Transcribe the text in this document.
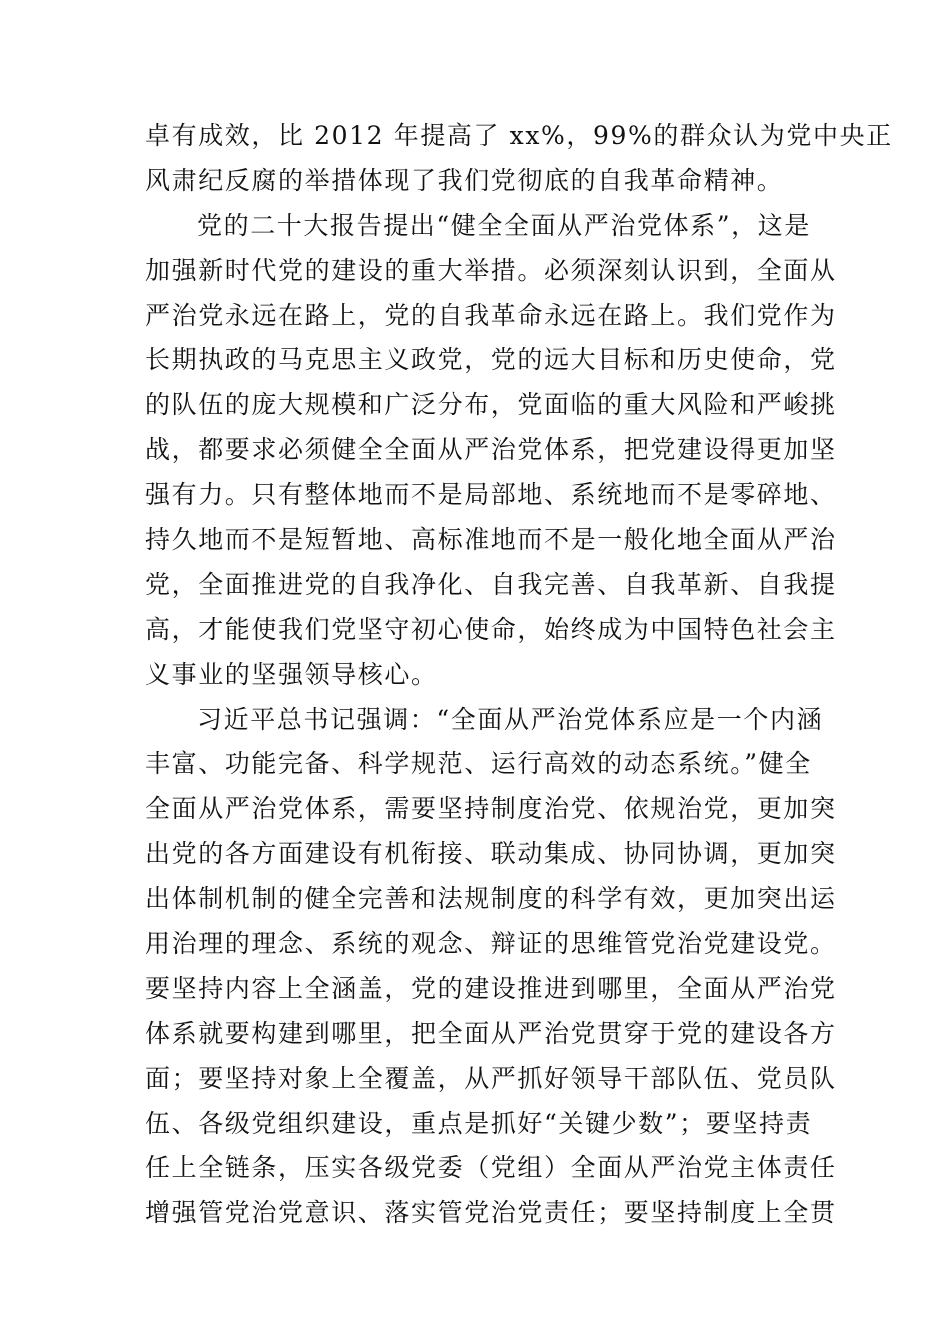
卓有成效，比 2012 年提高了 xx%，99%的群众认为党中央正
风肃纪反腐的举措体现了我们党彻底的自我革命精神。
党的二十大报告提出“健全全面从严治党体系”，这是
加强新时代党的建设的重大举措。必须深刻认识到，全面从
严治党永远在路上，党的自我革命永远在路上。我们党作为
长期执政的马克思主义政党，党的远大目标和历史使命，党
的队伍的庞大规模和广泛分布，党面临的重大风险和严峻挑
战，都要求必须健全全面从严治党体系，把党建设得更加坚
强有力。只有整体地而不是局部地、系统地而不是零碎地、
持久地而不是短暂地、高标准地而不是一般化地全面从严治
党，全面推进党的自我净化、自我完善、自我革新、自我提
高，才能使我们党坚守初心使命，始终成为中国特色社会主
义事业的坚强领导核心。
习近平总书记强调：“全面从严治党体系应是一个内涵
丰富、功能完备、科学规范、运行高效的动态系统。”健全
全面从严治党体系，需要坚持制度治党、依规治党，更加突
出党的各方面建设有机衔接、联动集成、协同协调，更加突
出体制机制的健全完善和法规制度的科学有效，更加突出运
用治理的理念、系统的观念、辩证的思维管党治党建设党。
要坚持内容上全涵盖，党的建设推进到哪里，全面从严治党
体系就要构建到哪里，把全面从严治党贯穿于党的建设各方
面；要坚持对象上全覆盖，从严抓好领导干部队伍、党员队
伍、各级党组织建设，重点是抓好“关键少数”；要坚持责
任上全链条，压实各级党委（党组）全面从严治党主体责任
增强管党治党意识、落实管党治党责任；要坚持制度上全贯
